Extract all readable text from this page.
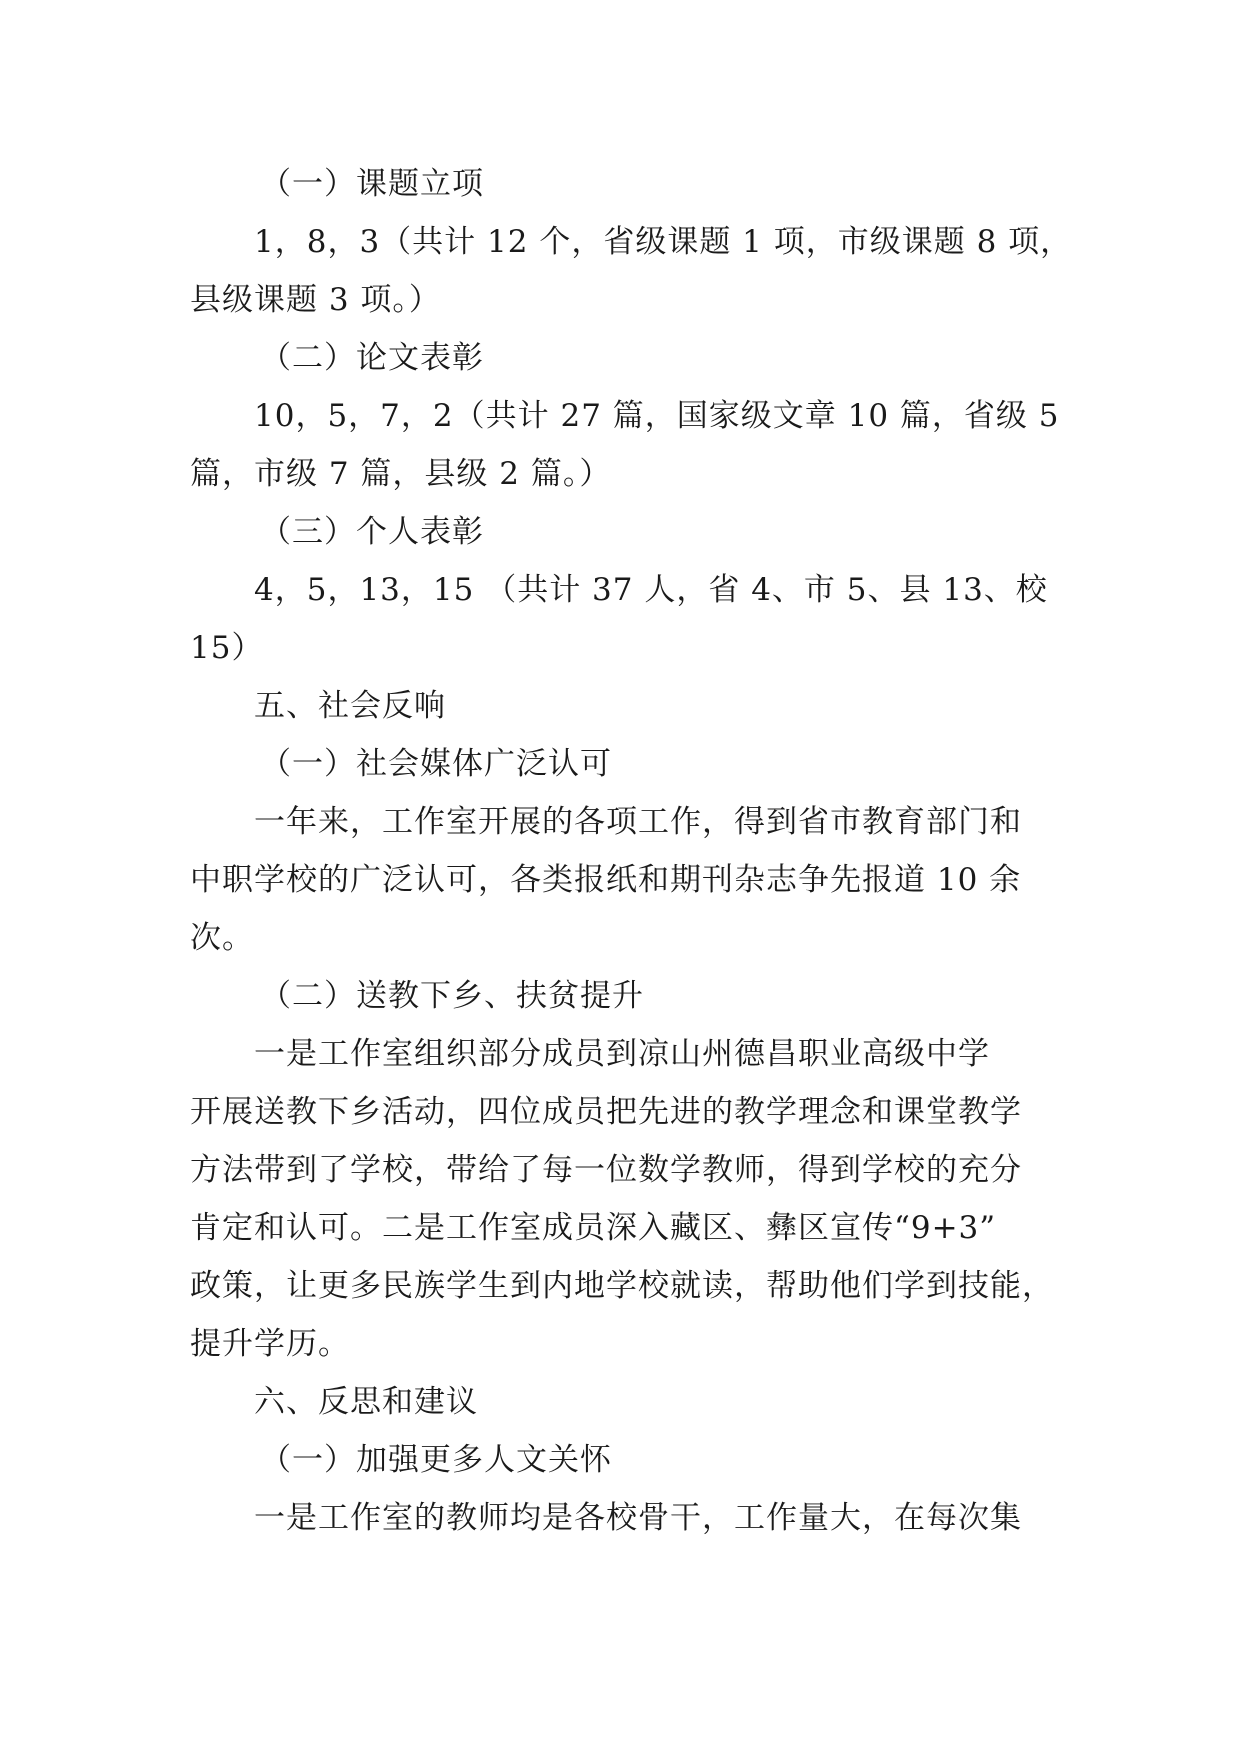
（一）课题立项
1，8，3（共计 12 个，省级课题 1 项，市级课题 8 项，
县级课题 3 项。）
（二）论文表彰
10，5，7，2（共计 27 篇，国家级文章 10 篇，省级 5
篇，市级 7 篇，县级 2 篇。）
（三）个人表彰
4，5，13，15 （共计 37 人，省 4、市 5、县 13、校
15）
五、社会反响
（一）社会媒体广泛认可
一年来，工作室开展的各项工作，得到省市教育部门和
中职学校的广泛认可，各类报纸和期刊杂志争先报道 10 余
次。
（二）送教下乡、扶贫提升
一是工作室组织部分成员到凉山州德昌职业高级中学
开展送教下乡活动，四位成员把先进的教学理念和课堂教学
方法带到了学校，带给了每一位数学教师，得到学校的充分
肯定和认可。二是工作室成员深入藏区、彝区宣传“9+3”
政策，让更多民族学生到内地学校就读，帮助他们学到技能，
提升学历。
六、反思和建议
（一）加强更多人文关怀
一是工作室的教师均是各校骨干，工作量大，在每次集
